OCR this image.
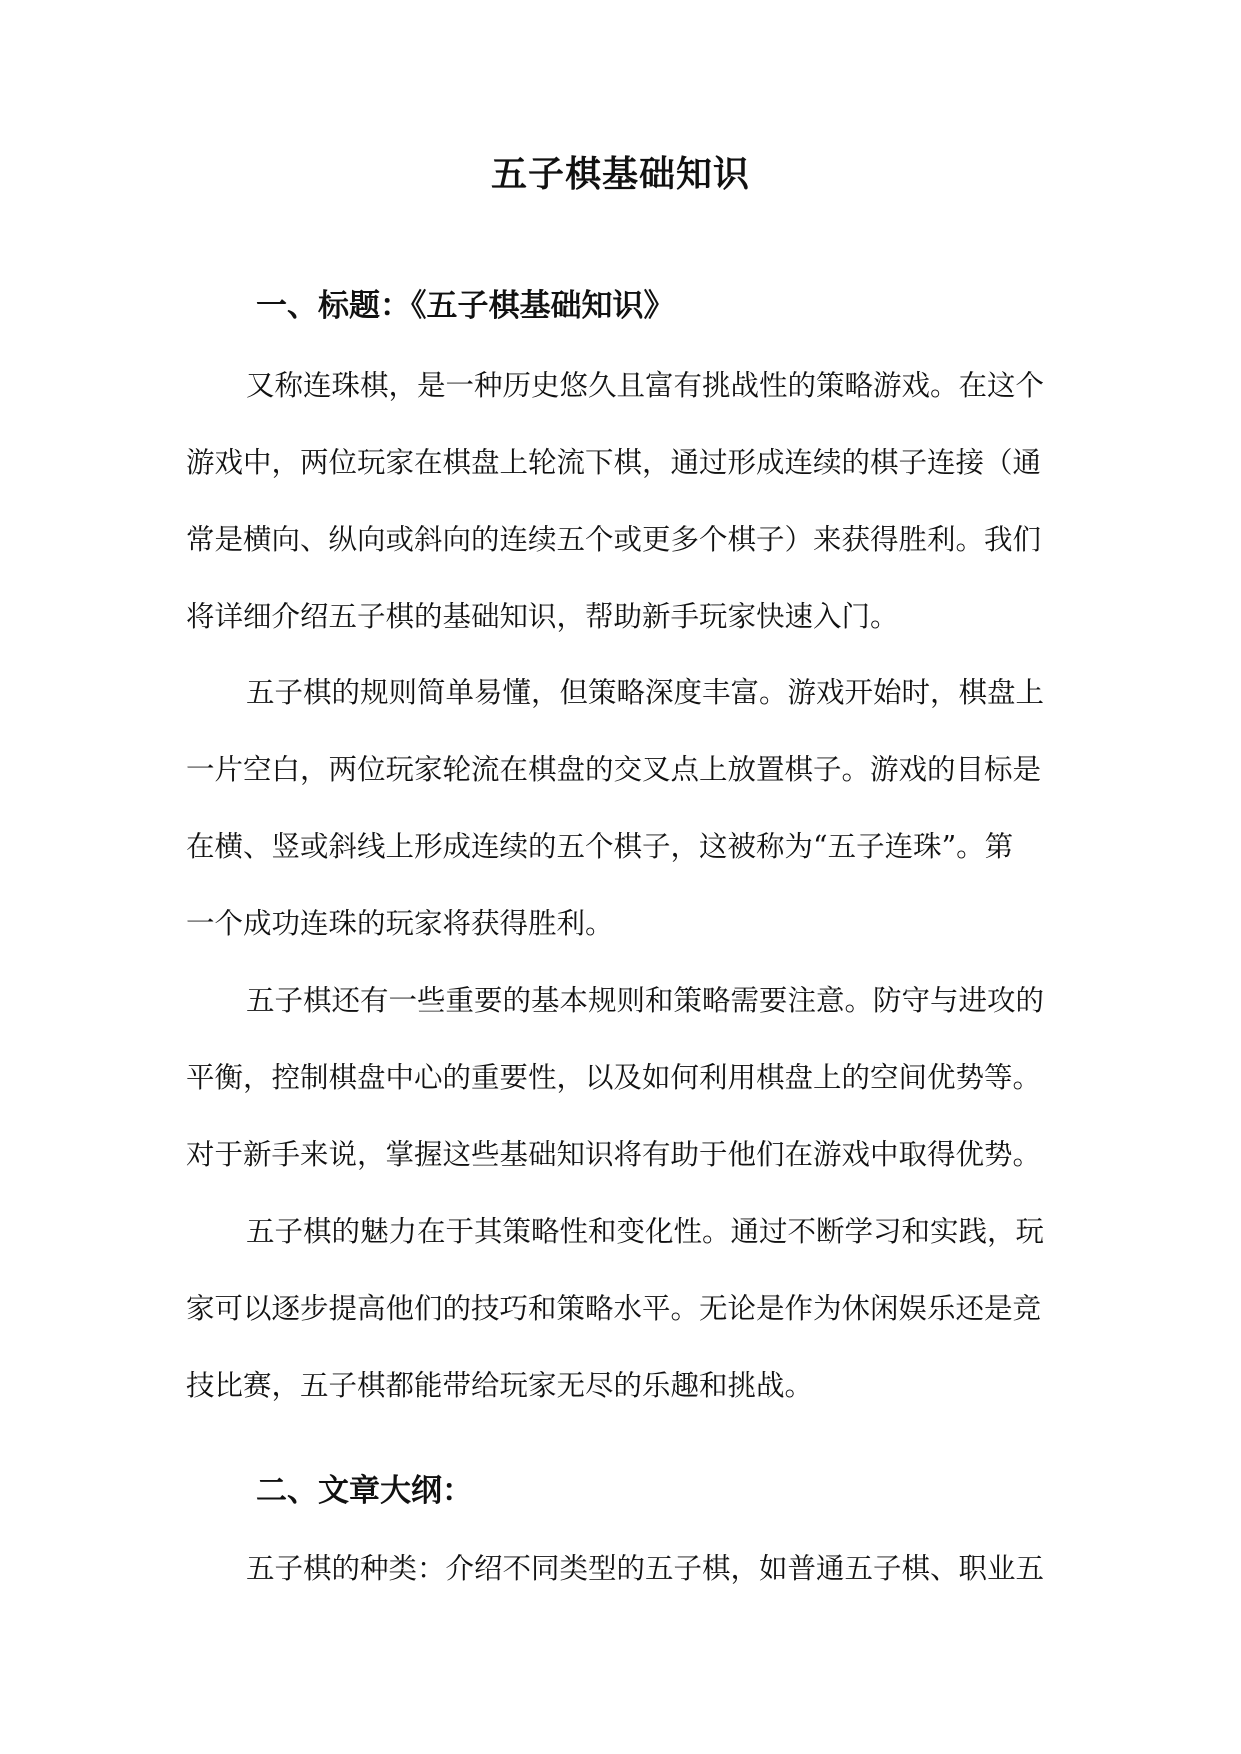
五子棋基础知识
一、标题：《五子棋基础知识》
又称连珠棋，是一种历史悠久且富有挑战性的策略游戏。在这个
游戏中，两位玩家在棋盘上轮流下棋，通过形成连续的棋子连接（通
常是横向、纵向或斜向的连续五个或更多个棋子）来获得胜利。我们
将详细介绍五子棋的基础知识，帮助新手玩家快速入门。
五子棋的规则简单易懂，但策略深度丰富。游戏开始时，棋盘上
一片空白，两位玩家轮流在棋盘的交叉点上放置棋子。游戏的目标是
在横、竖或斜线上形成连续的五个棋子，这被称为“五子连珠”。第
一个成功连珠的玩家将获得胜利。
五子棋还有一些重要的基本规则和策略需要注意。防守与进攻的
平衡，控制棋盘中心的重要性，以及如何利用棋盘上的空间优势等。
对于新手来说，掌握这些基础知识将有助于他们在游戏中取得优势。
五子棋的魅力在于其策略性和变化性。通过不断学习和实践，玩
家可以逐步提高他们的技巧和策略水平。无论是作为休闲娱乐还是竞
技比赛，五子棋都能带给玩家无尽的乐趣和挑战。
二、文章大纲：
五子棋的种类：介绍不同类型的五子棋，如普通五子棋、职业五
